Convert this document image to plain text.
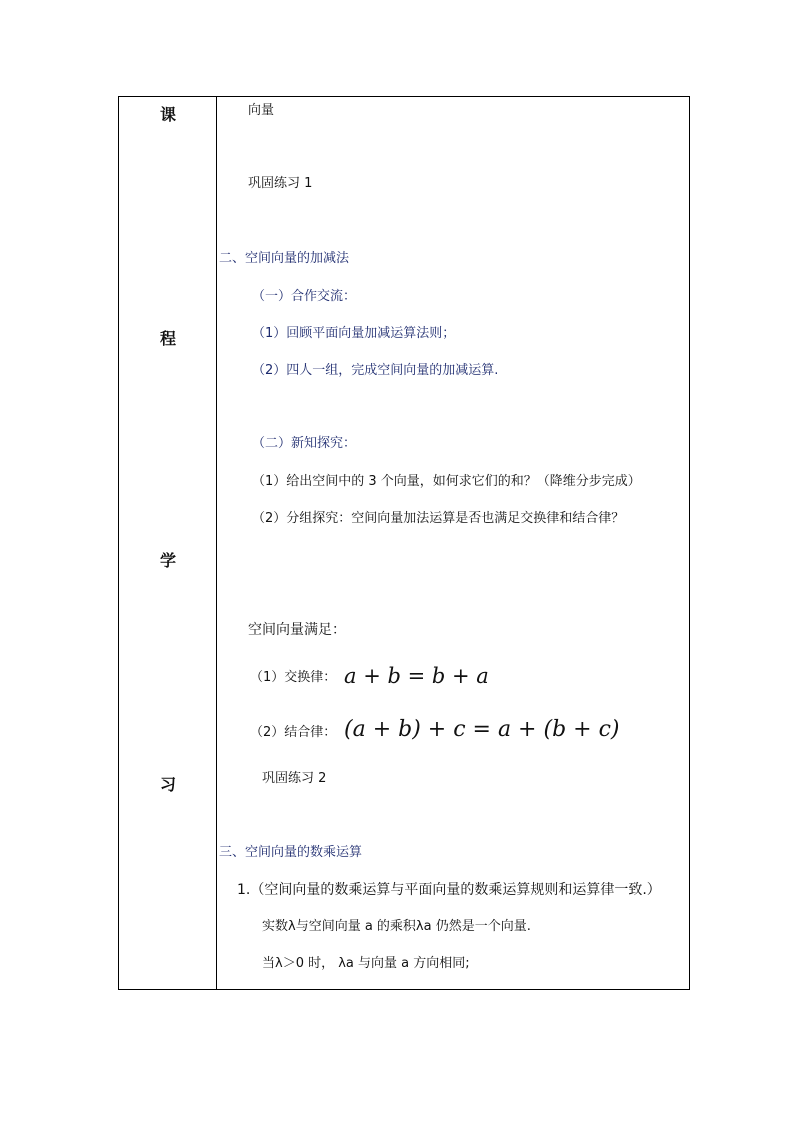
课
程
学
习
向量
巩固练习 1
二、空间向量的加减法
（一）合作交流：
（1）回顾平面向量加减运算法则；
（2）四人一组，完成空间向量的加减运算.
（二）新知探究：
（1）给出空间中的 3 个向量，如何求它们的和？（降维分步完成）
（2）分组探究：空间向量加法运算是否也满足交换律和结合律？
空间向量满足：
（1）交换律： a + b = b + a
（2）结合律： (a + b) + c = a + (b + c)
巩固练习 2
三、空间向量的数乘运算
1.（空间向量的数乘运算与平面向量的数乘运算规则和运算律一致.）
实数λ与空间向量 a 的乘积λa 仍然是一个向量.
当λ＞0 时， λa 与向量 a 方向相同;
